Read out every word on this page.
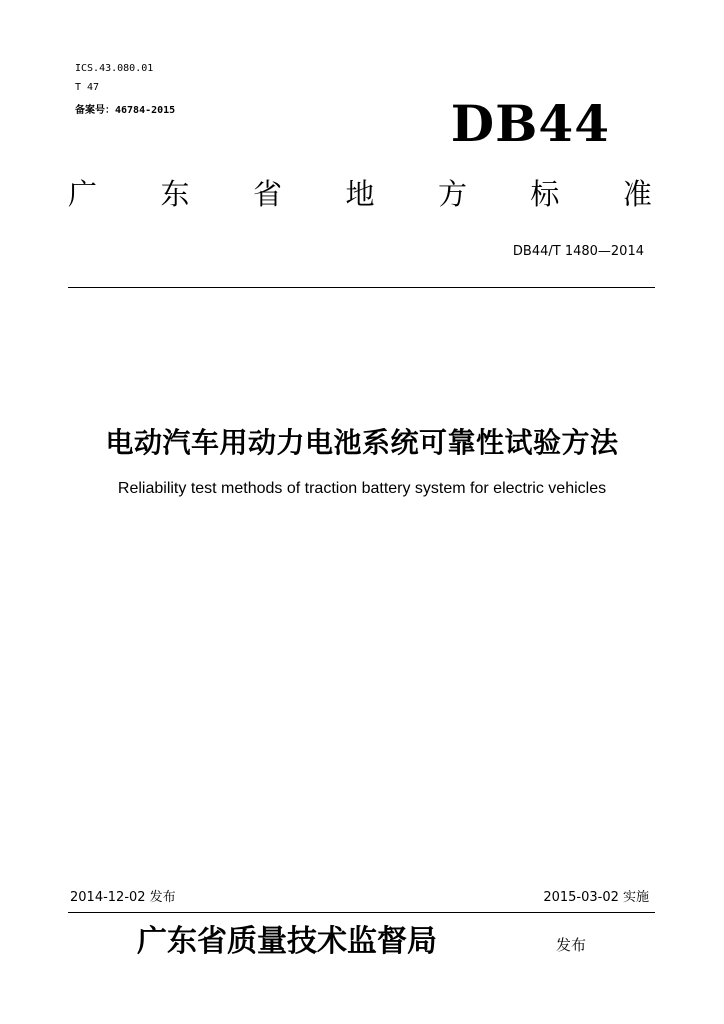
ICS.43.080.01
T 47
备案号：46784-2015	DB44
广 东 省 地 方 标 准
DB44/T 1480—2014
电动汽车用动力电池系统可靠性试验方法
Reliability test methods of traction battery system for electric vehicles
2014-12-02 发布	2015-03-02 实施
广东省质量技术监督局	发布
